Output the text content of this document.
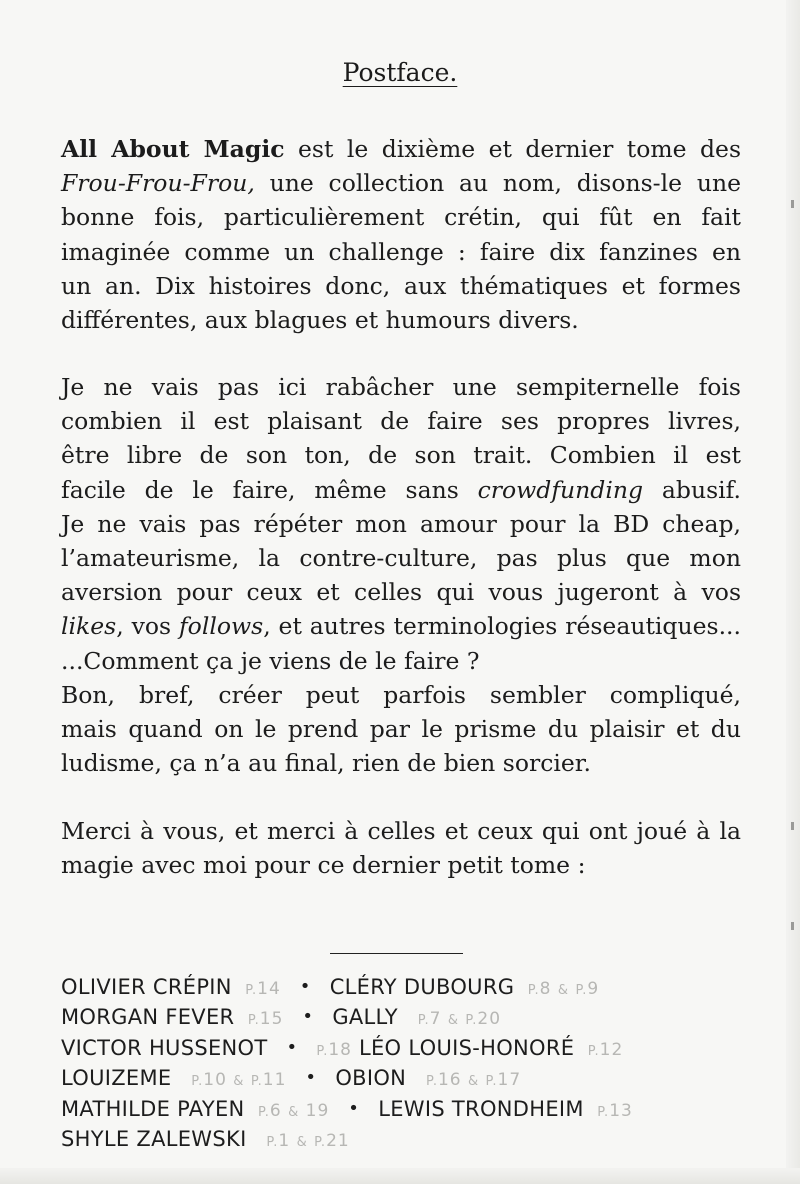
Postface.
All About Magic est le dixième et dernier tome des
Frou-Frou-Frou, une collection au nom, disons-le une
bonne fois, particulièrement crétin, qui fût en fait
imaginée comme un challenge : faire dix fanzines en
un an. Dix histoires donc, aux thématiques et formes
différentes, aux blagues et humours divers.
Je ne vais pas ici rabâcher une sempiternelle fois
combien il est plaisant de faire ses propres livres,
être libre de son ton, de son trait. Combien il est
facile de le faire, même sans crowdfunding abusif.
Je ne vais pas répéter mon amour pour la BD cheap,
l’amateurisme, la contre-culture, pas plus que mon
aversion pour ceux et celles qui vous jugeront à vos
likes, vos follows, et autres terminologies réseautiques...
...Comment ça je viens de le faire ?
Bon, bref, créer peut parfois sembler compliqué,
mais quand on le prend par le prisme du plaisir et du
ludisme, ça n’a au final, rien de bien sorcier.
Merci à vous, et merci à celles et ceux qui ont joué à la
magie avec moi pour ce dernier petit tome :
OLIVIER CRÉPIN P.14 • CLÉRY DUBOURG P.8 & P.9
MORGAN FEVER P.15 • GALLY P.7 & P.20
VICTOR HUSSENOT • P.18 LÉO LOUIS-HONORÉ P.12
LOUIZEME P.10 & P.11 • OBION P.16 & P.17
MATHILDE PAYEN P.6 & 19 • LEWIS TRONDHEIM P.13
SHYLE ZALEWSKI P.1 & P.21
